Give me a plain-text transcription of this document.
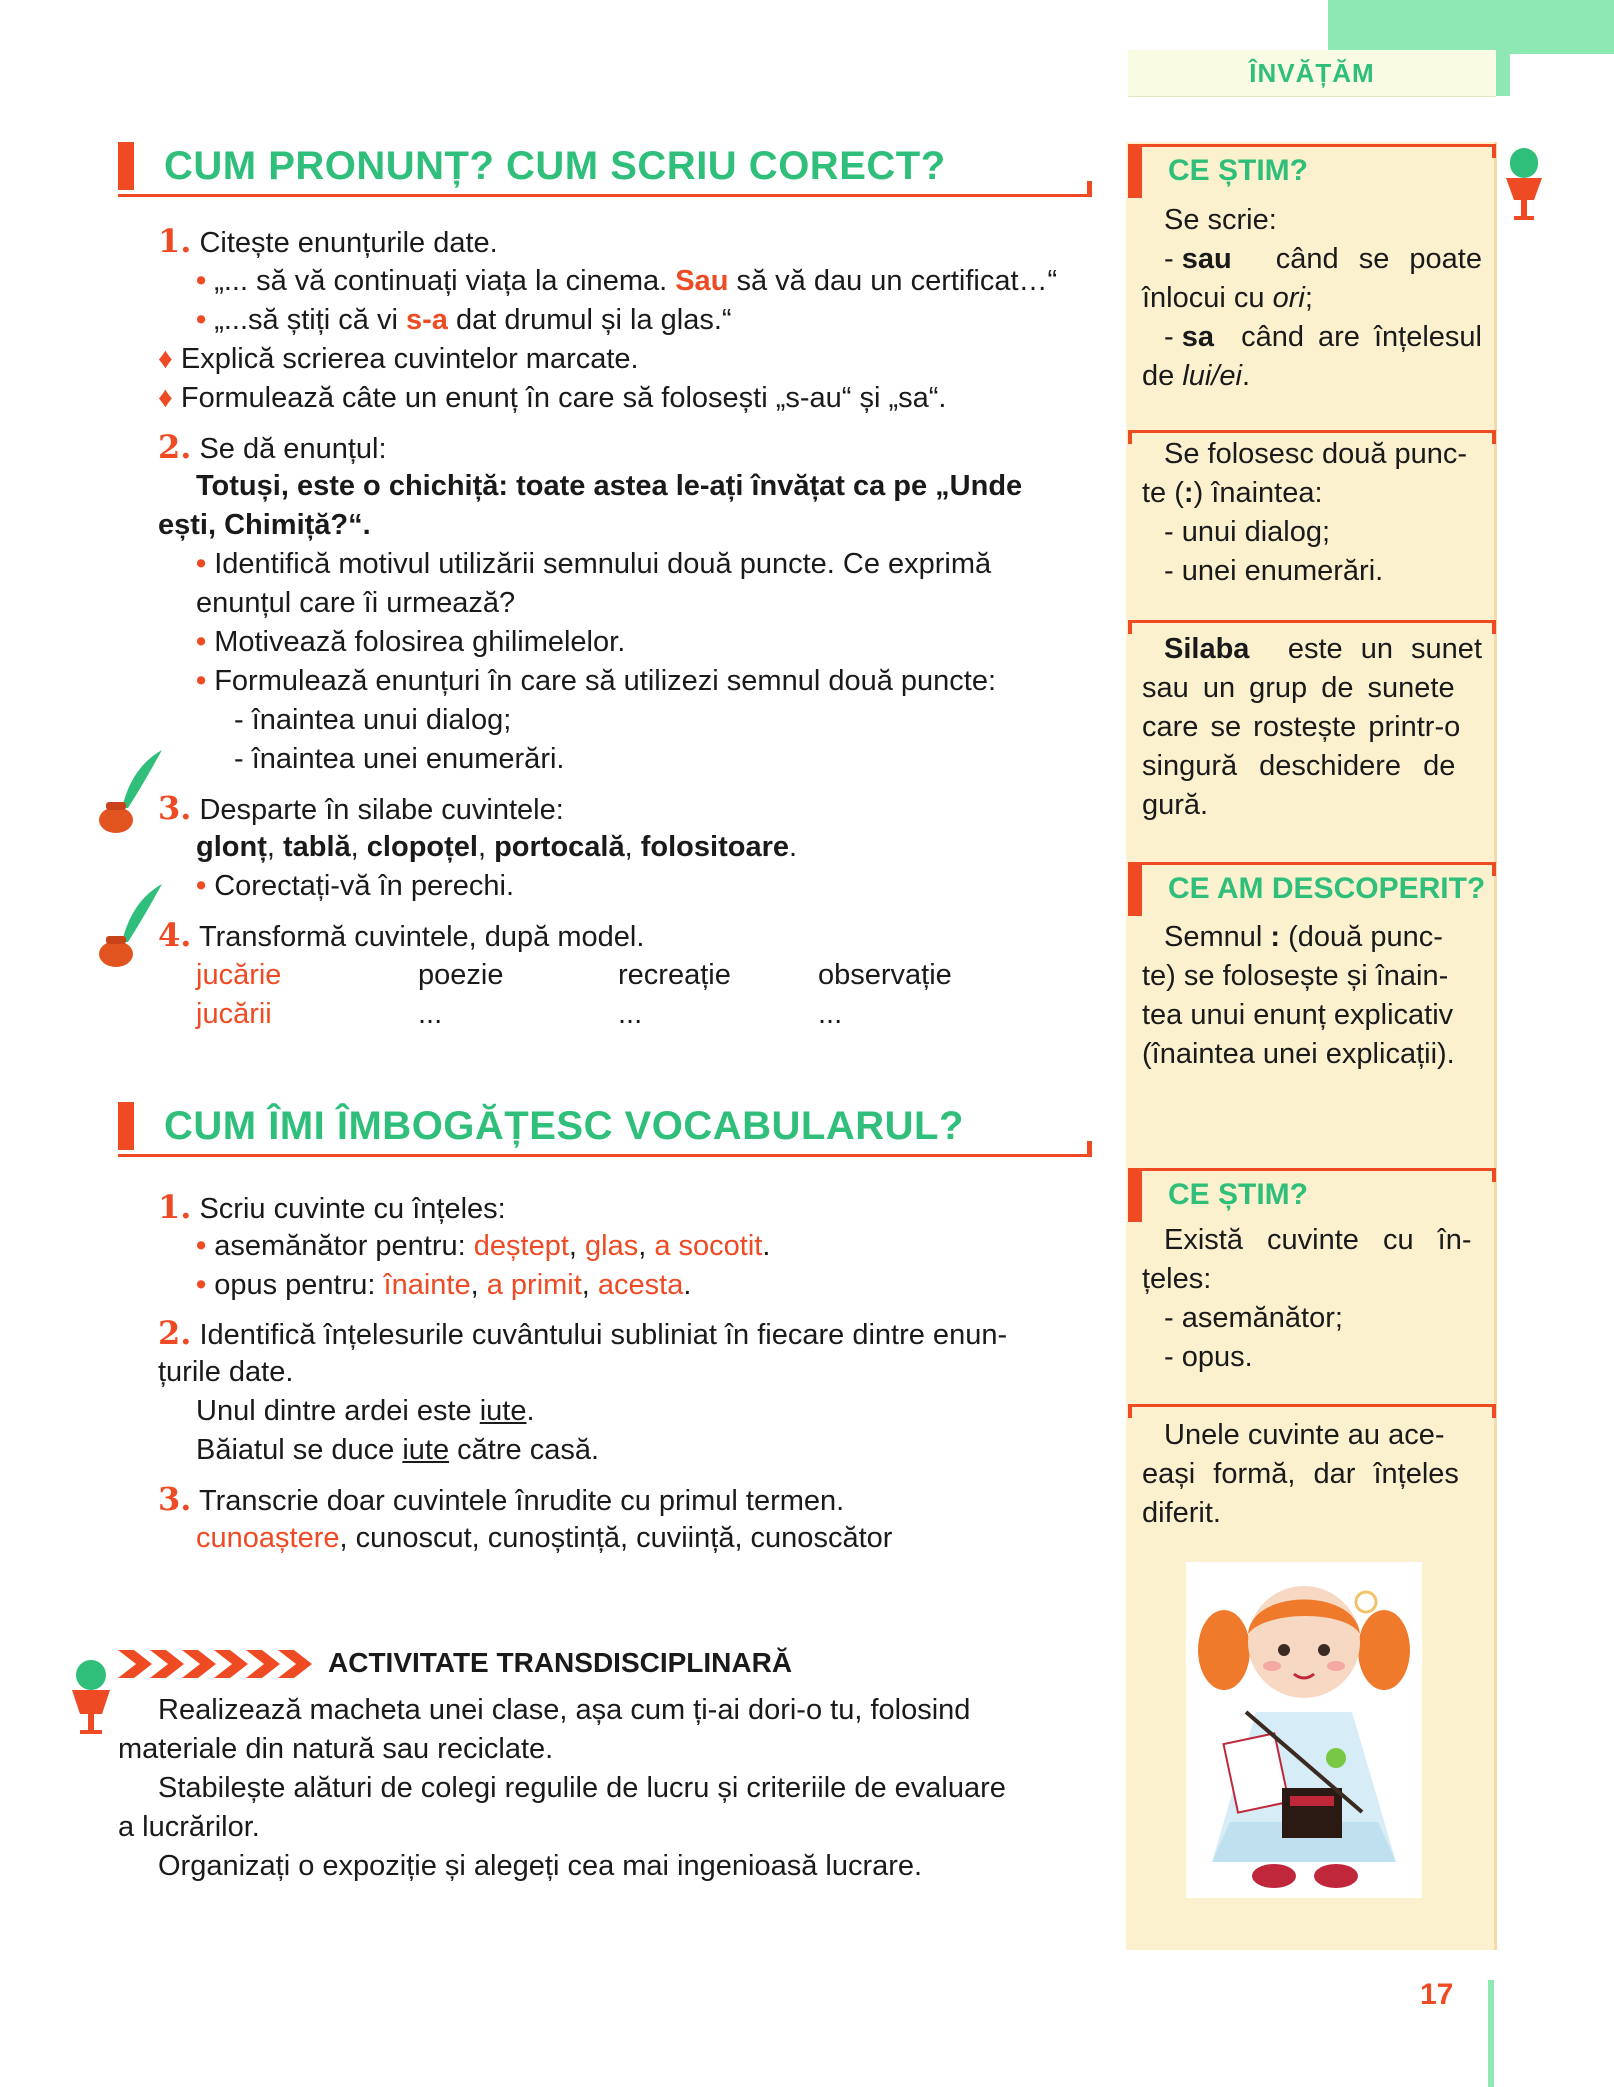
ÎNVĂȚĂM
CUM PRONUNȚ? CUM SCRIU CORECT?
1. Citește enunțurile date.
• „... să vă continuați viața la cinema. Sau să vă dau un certificat…“
• „...să știți că vi s-a dat drumul și la glas.“
♦ Explică scrierea cuvintelor marcate.
♦ Formulează câte un enunț în care să folosești „s-au“ și „sa“.
2. Se dă enunțul:
Totuși, este o chichiță: toate astea le-ați învățat ca pe „Unde
ești, Chimiță?“.
• Identifică motivul utilizării semnului două puncte. Ce exprimă
enunțul care îi urmează?
• Motivează folosirea ghilimelelor.
• Formulează enunțuri în care să utilizezi semnul două puncte:
- înaintea unui dialog;
- înaintea unei enumerări.
3. Desparte în silabe cuvintele:
glonț, tablă, clopoțel, portocală, folositoare.
• Corectați-vă în perechi.
4. Transformă cuvintele, după model.
jucărie	poezie	recreație	observație
jucării	...	...	...
CUM ÎMI ÎMBOGĂȚESC VOCABULARUL?
1. Scriu cuvinte cu înțeles:
• asemănător pentru: deștept, glas, a socotit.
• opus pentru: înainte, a primit, acesta.
2. Identifică înțelesurile cuvântului subliniat în fiecare dintre enun-
țurile date.
Unul dintre ardei este iute.
Băiatul se duce iute către casă.
3. Transcrie doar cuvintele înrudite cu primul termen.
cunoaștere, cunoscut, cunoștință, cuviință, cunoscător
ACTIVITATE TRANSDISCIPLINARĂ
Realizează macheta unei clase, așa cum ți-ai dori-o tu, folosind
materiale din natură sau reciclate.
Stabilește alături de colegi regulile de lucru și criteriile de evaluare
a lucrărilor.
Organizați o expoziție și alegeți cea mai ingenioasă lucrare.
CE ȘTIM?
Se scrie:
- sau când se poate
înlocui cu ori;
- sa când are înțelesul
de lui/ei.
Se folosesc două punc-
te (:) înaintea:
- unui dialog;
- unei enumerări.
Silaba este un sunet
sau un grup de sunete
care se rostește printr-o
singură deschidere de
gură.
CE AM DESCOPERIT?
Semnul : (două punc-
te) se folosește și înain-
tea unui enunț explicativ
(înaintea unei explicații).
CE ȘTIM?
Există cuvinte cu în-
țeles:
- asemănător;
- opus.
Unele cuvinte au ace-
eași formă, dar înțeles
diferit.
17
